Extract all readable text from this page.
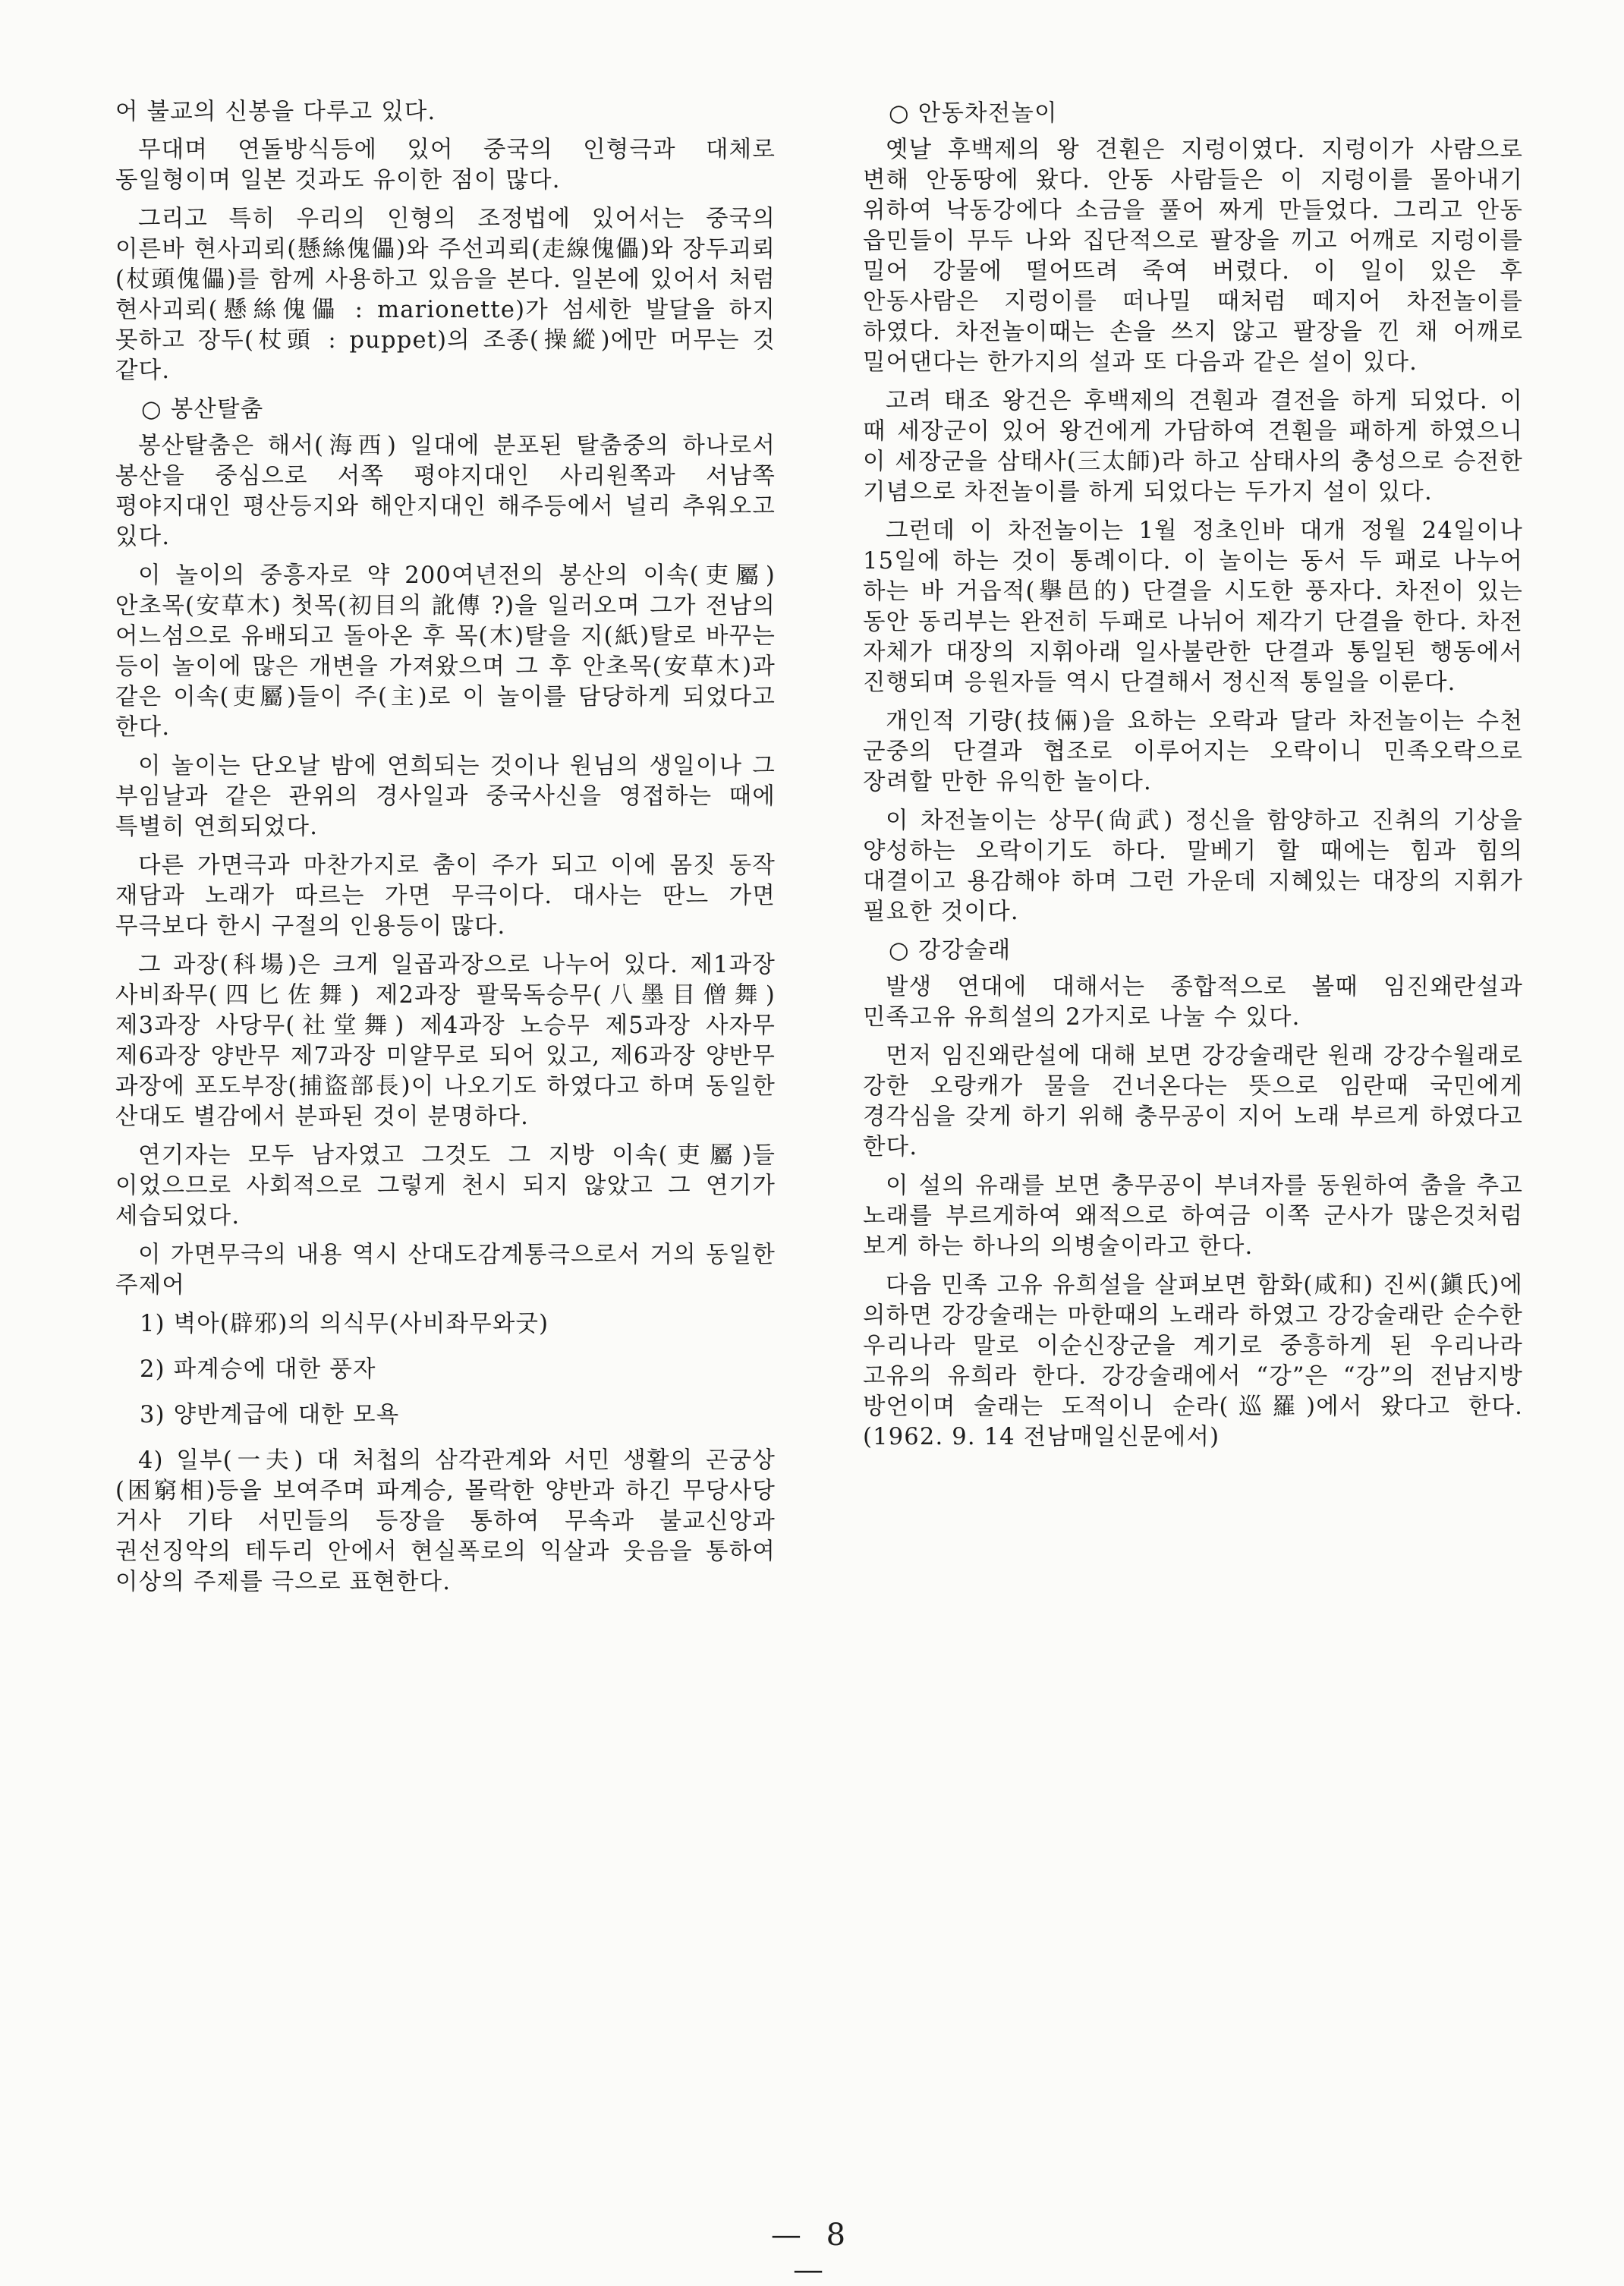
어 불교의 신봉을 다루고 있다.

무대며 연돌방식등에 있어 중국의 인형극과 대체로 동일형이며 일본 것과도 유이한 점이 많다.

그리고 특히 우리의 인형의 조정법에 있어서는 중국의 이른바 현사괴뢰(懸絲傀儡)와 주선괴뢰(走線傀儡)와 장두괴뢰(杖頭傀儡)를 함께 사용하고 있음을 본다. 일본에 있어서 처럼 현사괴뢰(懸絲傀儡 : marionette)가 섬세한 발달을 하지 못하고 장두(杖頭 : puppet)의 조종(操縱)에만 머무는 것 같다.

○ 봉산탈춤

봉산탈춤은 해서(海西) 일대에 분포된 탈춤중의 하나로서 봉산을 중심으로 서쪽 평야지대인 사리원쪽과 서남쪽 평야지대인 평산등지와 해안지대인 해주등에서 널리 추워오고 있다.

이 놀이의 중흥자로 약 200여년전의 봉산의 이속(吏屬) 안초목(安草木) 첫목(初目의 訛傳 ?)을 일러오며 그가 전남의 어느섬으로 유배되고 돌아온 후 목(木)탈을 지(紙)탈로 바꾸는 등이 놀이에 많은 개변을 가져왔으며 그 후 안초목(安草木)과 같은 이속(吏屬)들이 주(主)로 이 놀이를 담당하게 되었다고 한다.

이 놀이는 단오날 밤에 연희되는 것이나 원님의 생일이나 그 부임날과 같은 관위의 경사일과 중국사신을 영접하는 때에 특별히 연희되었다.

다른 가면극과 마찬가지로 춤이 주가 되고 이에 몸짓 동작 재담과 노래가 따르는 가면 무극이다. 대사는 딴느 가면 무극보다 한시 구절의 인용등이 많다.

그 과장(科場)은 크게 일곱과장으로 나누어 있다. 제1과장 사비좌무(四匕佐舞) 제2과장 팔묵독승무(八墨目僧舞) 제3과장 사당무(社堂舞) 제4과장 노승무 제5과장 사자무 제6과장 양반무 제7과장 미얄무로 되어 있고, 제6과장 양반무 과장에 포도부장(捕盜部長)이 나오기도 하였다고 하며 동일한 산대도 별감에서 분파된 것이 분명하다.

연기자는 모두 남자였고 그것도 그 지방 이속(吏屬)들 이었으므로 사회적으로 그렇게 천시 되지 않았고 그 연기가 세습되었다.

이 가면무극의 내용 역시 산대도감계통극으로서 거의 동일한 주제어

1) 벽아(辟邪)의 의식무(사비좌무와굿)

2) 파계승에 대한 풍자

3) 양반계급에 대한 모욕

4) 일부(一夫) 대 처첩의 삼각관계와 서민 생활의 곤궁상(困窮相)등을 보여주며 파계승, 몰락한 양반과 하긴 무당사당 거사 기타 서민들의 등장을 통하여 무속과 불교신앙과 권선징악의 테두리 안에서 현실폭로의 익살과 웃음을 통하여 이상의 주제를 극으로 표현한다.

○ 안동차전놀이

옛날 후백제의 왕 견훤은 지렁이였다. 지렁이가 사람으로 변해 안동땅에 왔다. 안동 사람들은 이 지렁이를 몰아내기 위하여 낙동강에다 소금을 풀어 짜게 만들었다. 그리고 안동 읍민들이 무두 나와 집단적으로 팔장을 끼고 어깨로 지렁이를 밀어 강물에 떨어뜨려 죽여 버렸다. 이 일이 있은 후 안동사람은 지렁이를 떠나밀 때처럼 떼지어 차전놀이를 하였다. 차전놀이때는 손을 쓰지 않고 팔장을 낀 채 어깨로 밀어댄다는 한가지의 설과 또 다음과 같은 설이 있다.

고려 태조 왕건은 후백제의 견훤과 결전을 하게 되었다. 이 때 세장군이 있어 왕건에게 가담하여 견훤을 패하게 하였으니 이 세장군을 삼태사(三太師)라 하고 삼태사의 충성으로 승전한 기념으로 차전놀이를 하게 되었다는 두가지 설이 있다.

그런데 이 차전놀이는 1월 정초인바 대개 정월 24일이나 15일에 하는 것이 통례이다. 이 놀이는 동서 두 패로 나누어 하는 바 거읍적(擧邑的) 단결을 시도한 풍자다. 차전이 있는 동안 동리부는 완전히 두패로 나뉘어 제각기 단결을 한다. 차전 자체가 대장의 지휘아래 일사불란한 단결과 통일된 행동에서 진행되며 응원자들 역시 단결해서 정신적 통일을 이룬다.

개인적 기량(技倆)을 요하는 오락과 달라 차전놀이는 수천 군중의 단결과 협조로 이루어지는 오락이니 민족오락으로 장려할 만한 유익한 놀이다.

이 차전놀이는 상무(尙武) 정신을 함양하고 진취의 기상을 양성하는 오락이기도 하다. 말베기 할 때에는 힘과 힘의 대결이고 용감해야 하며 그런 가운데 지혜있는 대장의 지휘가 필요한 것이다.

○ 강강술래

발생 연대에 대해서는 종합적으로 볼때 임진왜란설과 민족고유 유희설의 2가지로 나눌 수 있다.

먼저 임진왜란설에 대해 보면 강강술래란 원래 강강수월래로 강한 오랑캐가 물을 건너온다는 뜻으로 임란때 국민에게 경각심을 갖게 하기 위해 충무공이 지어 노래 부르게 하였다고 한다.

이 설의 유래를 보면 충무공이 부녀자를 동원하여 춤을 추고 노래를 부르게하여 왜적으로 하여금 이쪽 군사가 많은것처럼 보게 하는 하나의 의병술이라고 한다.

다음 민족 고유 유희설을 살펴보면 함화(咸和) 진씨(鎭氏)에 의하면 강강술래는 마한때의 노래라 하였고 강강술래란 순수한 우리나라 말로 이순신장군을 계기로 중흥하게 된 우리나라 고유의 유희라 한다. 강강술래에서 “강”은 “강”의 전남지방 방언이며 술래는 도적이니 순라(巡羅)에서 왔다고 한다. (1962. 9. 14 전남매일신문에서)

— 8 —
